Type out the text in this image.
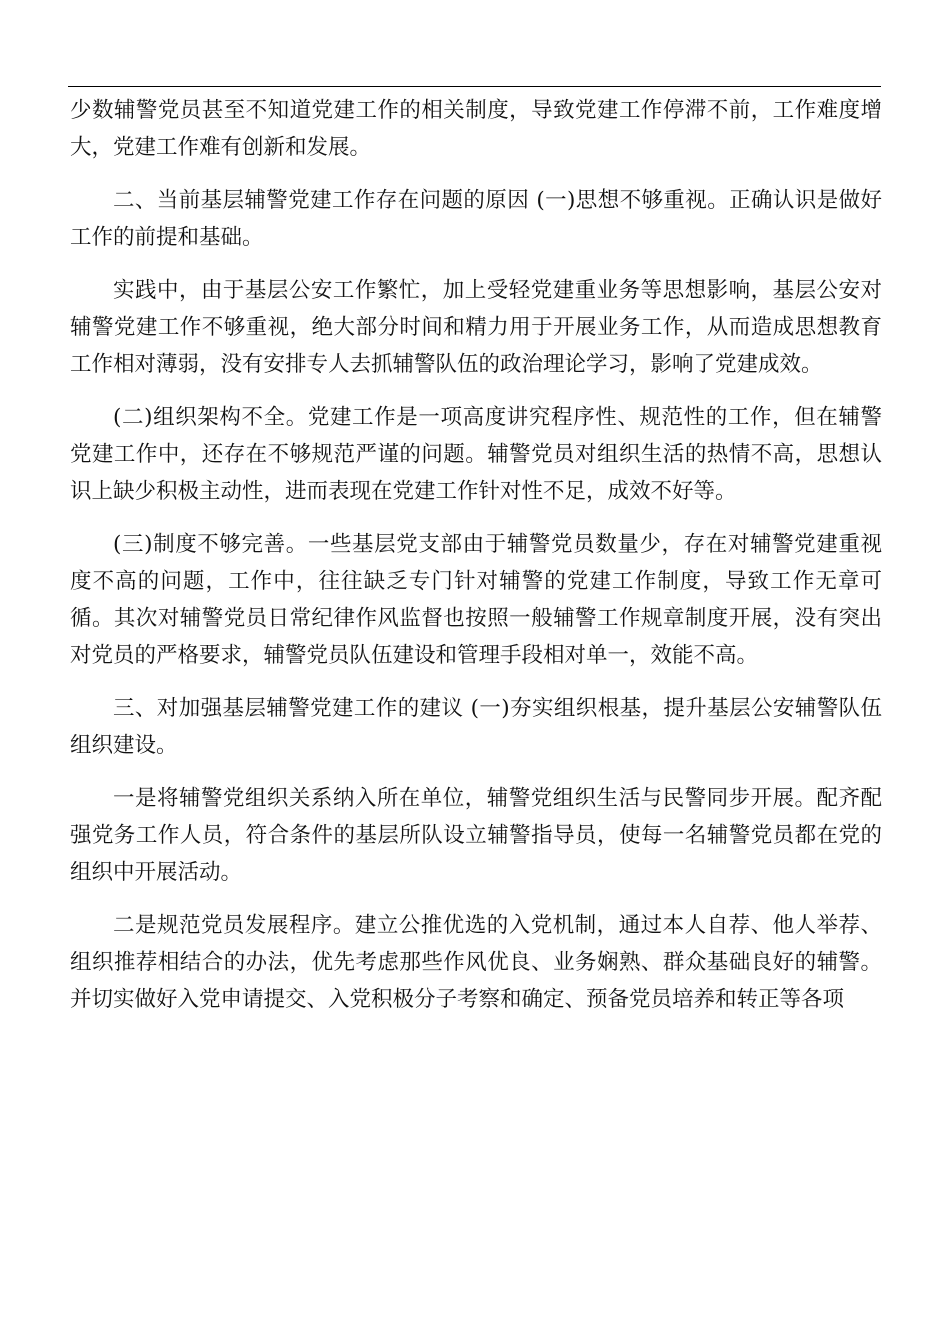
少数辅警党员甚至不知道党建工作的相关制度，导致党建工作停滞不前，工作难度增大，党建工作难有创新和发展。

二、当前基层辅警党建工作存在问题的原因 (一)思想不够重视。正确认识是做好工作的前提和基础。

实践中，由于基层公安工作繁忙，加上受轻党建重业务等思想影响，基层公安对辅警党建工作不够重视，绝大部分时间和精力用于开展业务工作，从而造成思想教育工作相对薄弱，没有安排专人去抓辅警队伍的政治理论学习，影响了党建成效。

(二)组织架构不全。党建工作是一项高度讲究程序性、规范性的工作，但在辅警党建工作中，还存在不够规范严谨的问题。辅警党员对组织生活的热情不高，思想认识上缺少积极主动性，进而表现在党建工作针对性不足，成效不好等。

(三)制度不够完善。一些基层党支部由于辅警党员数量少，存在对辅警党建重视度不高的问题，工作中，往往缺乏专门针对辅警的党建工作制度，导致工作无章可循。其次对辅警党员日常纪律作风监督也按照一般辅警工作规章制度开展，没有突出对党员的严格要求，辅警党员队伍建设和管理手段相对单一，效能不高。

三、对加强基层辅警党建工作的建议 (一)夯实组织根基，提升基层公安辅警队伍组织建设。

一是将辅警党组织关系纳入所在单位，辅警党组织生活与民警同步开展。配齐配强党务工作人员，符合条件的基层所队设立辅警指导员，使每一名辅警党员都在党的组织中开展活动。

二是规范党员发展程序。建立公推优选的入党机制，通过本人自荐、他人举荐、组织推荐相结合的办法，优先考虑那些作风优良、业务娴熟、群众基础良好的辅警。并切实做好入党申请提交、入党积极分子考察和确定、预备党员培养和转正等各项
